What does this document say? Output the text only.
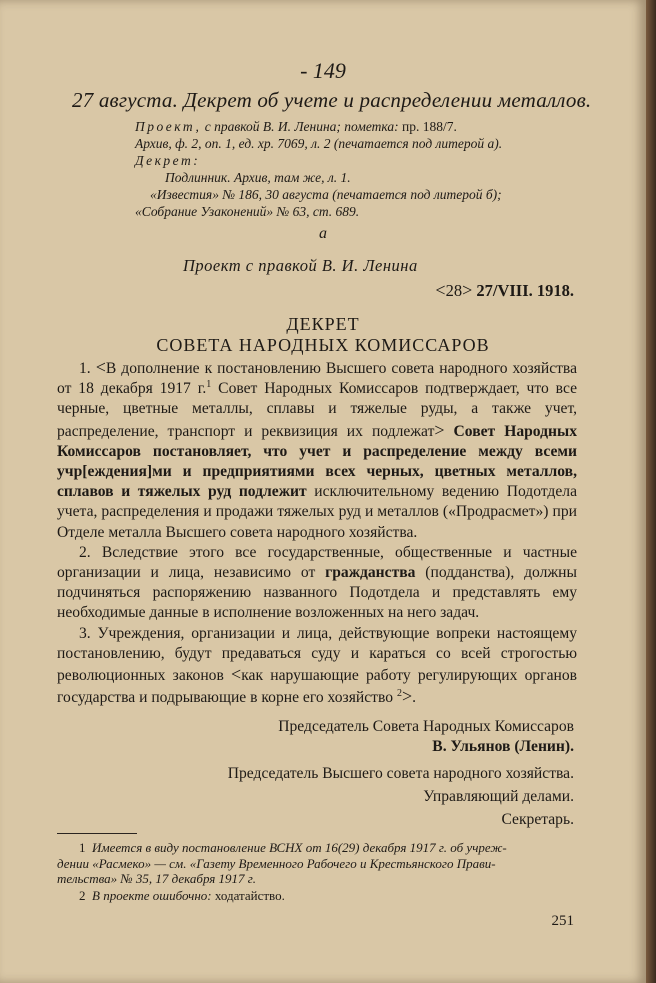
- 149
27 августа. Декрет об учете и распределении металлов.
Проект, с правкой В. И. Ленина; пометка: пр. 188/7.
Архив, ф. 2, оп. 1, ед. хр. 7069, л. 2 (печатается под литерой а).
Декрет:
Подлинник. Архив, там же, л. 1.
«Известия» № 186, 30 августа (печатается под литерой б);
«Собрание Узаконений» № 63, ст. 689.
а
Проект с правкой В. И. Ленина
<28> 27/VIII. 1918.
ДЕКРЕТ
СОВЕТА НАРОДНЫХ КОМИССАРОВ

1. <В дополнение к постановлению Высшего совета народного хозяйства от 18 декабря 1917 г.$^1$ Совет Народных Комиссаров подтверждает, что все черные, цветные металлы, сплавы и тяжелые руды, а также учет, распределение, транспорт и реквизиция их подлежат> Совет Народных Комиссаров постановляет, что учет и распределение между всеми учр[еждения]ми и предприятиями всех черных, цветных металлов, сплавов и тяжелых руд подлежит исключительному ведению Подотдела учета, распределения и продажи тяжелых руд и металлов («Продрасмет») при Отделе металла Высшего совета народного хозяйства.

2. Вследствие этого все государственные, общественные и частные организации и лица, независимо от гражданства (подданства), должны подчиняться распоряжению названного Подотдела и представлять ему необходимые данные в исполнение возложенных на него задач.

3. Учреждения, организации и лица, действующие вопреки настоящему постановлению, будут предаваться суду и караться со всей строгостью революционных законов <как нарушающие работу регулирующих органов государства и подрывающие в корне его хозяйство $^2$>.

Председатель Совета Народных Комиссаров
В. Ульянов (Ленин).
Председатель Высшего совета народного хозяйства.
Управляющий делами.
Секретарь.
1 Имеется в виду постановление ВСНХ от 16(29) декабря 1917 г. об учреж-
дении «Расмеко» — см. «Газету Временного Рабочего и Крестьянского Прави-
тельства» № 35, 17 декабря 1917 г.
2 В проекте ошибочно: ходатайство.
251
